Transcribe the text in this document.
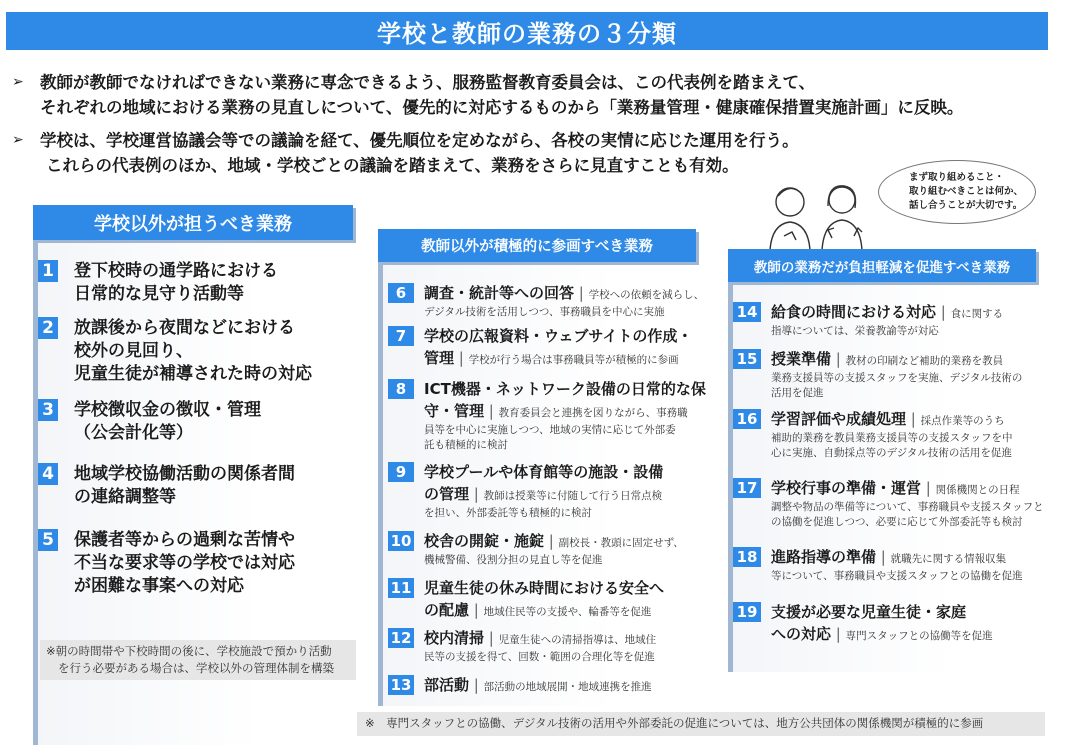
学校と教師の業務の３分類
➢ 教師が教師でなければできない業務に専念できるよう、服務監督教育委員会は、この代表例を踏まえて、
それぞれの地域における業務の見直しについて、優先的に対応するものから「業務量管理・健康確保措置実施計画」に反映。
➢ 学校は、学校運営協議会等での議論を経て、優先順位を定めながら、各校の実情に応じた運用を行う。
これらの代表例のほか、地域・学校ごとの議論を踏まえて、業務をさらに見直すことも有効。
まず取り組めること・
取り組むべきことは何か、
話し合うことが大切です。
学校以外が担うべき業務
1 登下校時の通学路における
日常的な見守り活動等
2 放課後から夜間などにおける
校外の見回り、
児童生徒が補導された時の対応
3 学校徴収金の徴収・管理
（公会計化等）
4 地域学校協働活動の関係者間
の連絡調整等
5 保護者等からの過剰な苦情や
不当な要求等の学校では対応
が困難な事案への対応
※朝の時間帯や下校時間の後に、学校施設で預かり活動
を行う必要がある場合は、学校以外の管理体制を構築
教師以外が積極的に参画すべき業務
教師の業務だが負担軽減を促進すべき業務
6	調査・統計等への回答 | 学校への依頼を減らし、
デジタル技術を活用しつつ、事務職員を中心に実施
7	学校の広報資料・ウェブサイトの作成・
管理 | 学校が行う場合は事務職員等が積極的に参画
8	ICT機器・ネットワーク設備の日常的な保
守・管理 | 教育委員会と連携を図りながら、事務職
員等を中心に実施しつつ、地域の実情に応じて外部委
託も積極的に検討
9	学校プールや体育館等の施設・設備
の管理 | 教師は授業等に付随して行う日常点検
を担い、外部委託等も積極的に検討
10 校舎の開錠・施錠 | 副校長・教頭に固定せず、
機械警備、役割分担の見直し等を促進
11 児童生徒の休み時間における安全へ
の配慮 | 地域住民等の支援や、輪番等を促進
12 校内清掃 | 児童生徒への清掃指導は、地域住
民等の支援を得て、回数・範囲の合理化等を促進
13 部活動 | 部活動の地域展開・地域連携を推進
14 給食の時間における対応 | 食に関する
指導については、栄養教諭等が対応
15 授業準備 | 教材の印刷など補助的業務を教員
業務支援員等の支援スタッフを実施、デジタル技術の
活用を促進
16 学習評価や成績処理 | 採点作業等のうち
補助的業務を教員業務支援員等の支援スタッフを中
心に実施、自動採点等のデジタル技術の活用を促進
17 学校行事の準備・運営 | 関係機関との日程
調整や物品の準備等について、事務職員や支援スタッフと
の協働を促進しつつ、必要に応じて外部委託等も検討
18 進路指導の準備 | 就職先に関する情報収集
等について、事務職員や支援スタッフとの協働を促進
19 支援が必要な児童生徒・家庭
への対応 | 専門スタッフとの協働等を促進
※　専門スタッフとの協働、デジタル技術の活用や外部委託の促進については、地方公共団体の関係機関が積極的に参画
